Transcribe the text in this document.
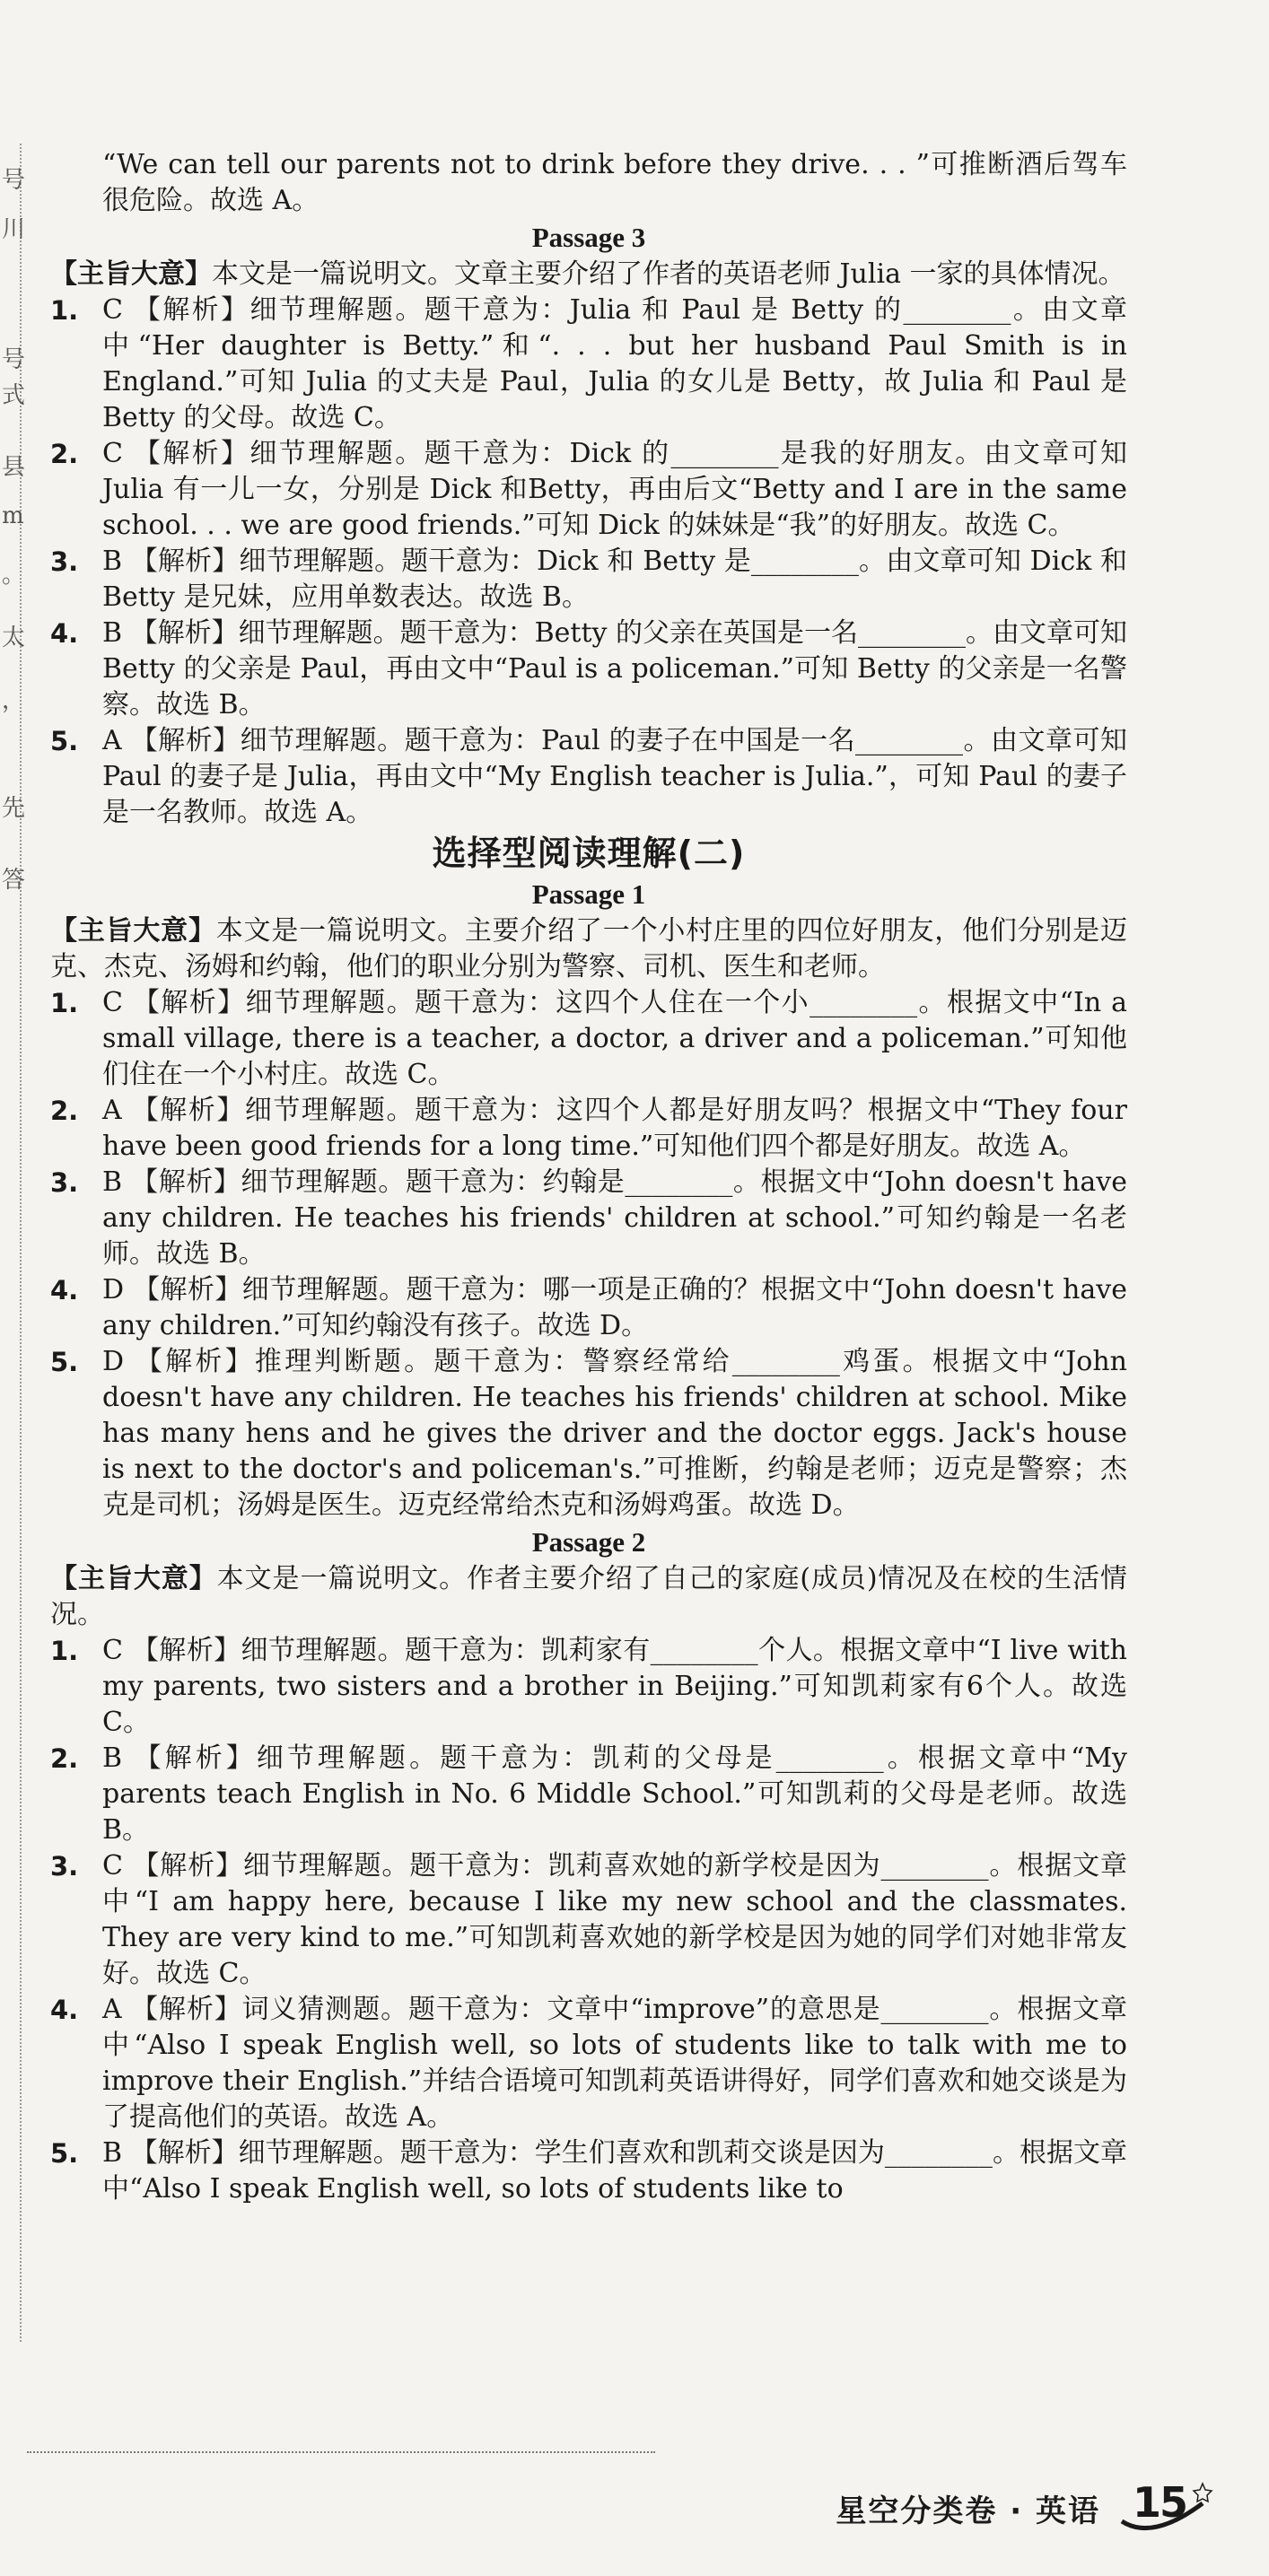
号
川
号
式
县
m
。
太
，
先
答

“We can tell our parents not to drink before they drive. . . ”可推断酒后驾车很危险。故选 A。

Passage 3

【主旨大意】本文是一篇说明文。文章主要介绍了作者的英语老师 Julia 一家的具体情况。

1. C 【解析】细节理解题。题干意为：Julia 和 Paul 是 Betty 的________。由文章中“Her daughter is Betty.”和“. . . but her husband Paul Smith is in England.”可知 Julia 的丈夫是 Paul，Julia 的女儿是 Betty，故 Julia 和 Paul 是 Betty 的父母。故选 C。
2. C 【解析】细节理解题。题干意为：Dick 的________是我的好朋友。由文章可知 Julia 有一儿一女，分别是 Dick 和Betty，再由后文“Betty and I are in the same school. . . we are good friends.”可知 Dick 的妹妹是“我”的好朋友。故选 C。
3. B 【解析】细节理解题。题干意为：Dick 和 Betty 是________。由文章可知 Dick 和 Betty 是兄妹，应用单数表达。故选 B。
4. B 【解析】细节理解题。题干意为：Betty 的父亲在英国是一名________。由文章可知 Betty 的父亲是 Paul，再由文中“Paul is a policeman.”可知 Betty 的父亲是一名警察。故选 B。
5. A 【解析】细节理解题。题干意为：Paul 的妻子在中国是一名________。由文章可知 Paul 的妻子是 Julia，再由文中“My English teacher is Julia.”，可知 Paul 的妻子是一名教师。故选 A。

选择型阅读理解(二)

Passage 1

【主旨大意】本文是一篇说明文。主要介绍了一个小村庄里的四位好朋友，他们分别是迈克、杰克、汤姆和约翰，他们的职业分别为警察、司机、医生和老师。

1. C 【解析】细节理解题。题干意为：这四个人住在一个小________。根据文中“In a small village, there is a teacher, a doctor, a driver and a policeman.”可知他们住在一个小村庄。故选 C。
2. A 【解析】细节理解题。题干意为：这四个人都是好朋友吗？根据文中“They four have been good friends for a long time.”可知他们四个都是好朋友。故选 A。
3. B 【解析】细节理解题。题干意为：约翰是________。根据文中“John doesn't have any children. He teaches his friends' children at school.”可知约翰是一名老师。故选 B。
4. D 【解析】细节理解题。题干意为：哪一项是正确的？根据文中“John doesn't have any children.”可知约翰没有孩子。故选 D。
5. D 【解析】推理判断题。题干意为：警察经常给________鸡蛋。根据文中“John doesn't have any children. He teaches his friends' children at school. Mike has many hens and he gives the driver and the doctor eggs. Jack's house is next to the doctor's and policeman's.”可推断，约翰是老师；迈克是警察；杰克是司机；汤姆是医生。迈克经常给杰克和汤姆鸡蛋。故选 D。

Passage 2

【主旨大意】本文是一篇说明文。作者主要介绍了自己的家庭(成员)情况及在校的生活情况。

1. C 【解析】细节理解题。题干意为：凯莉家有________个人。根据文章中“I live with my parents, two sisters and a brother in Beijing.”可知凯莉家有6个人。故选 C。
2. B 【解析】细节理解题。题干意为：凯莉的父母是________。根据文章中“My parents teach English in No. 6 Middle School.”可知凯莉的父母是老师。故选 B。
3. C 【解析】细节理解题。题干意为：凯莉喜欢她的新学校是因为________。根据文章中“I am happy here, because I like my new school and the classmates. They are very kind to me.”可知凯莉喜欢她的新学校是因为她的同学们对她非常友好。故选 C。
4. A 【解析】词义猜测题。题干意为：文章中“improve”的意思是________。根据文章中“Also I speak English well, so lots of students like to talk with me to improve their English.”并结合语境可知凯莉英语讲得好，同学们喜欢和她交谈是为了提高他们的英语。故选 A。
5. B 【解析】细节理解题。题干意为：学生们喜欢和凯莉交谈是因为________。根据文章中“Also I speak English well, so lots of students like to
星空分类卷 · 英语 15
